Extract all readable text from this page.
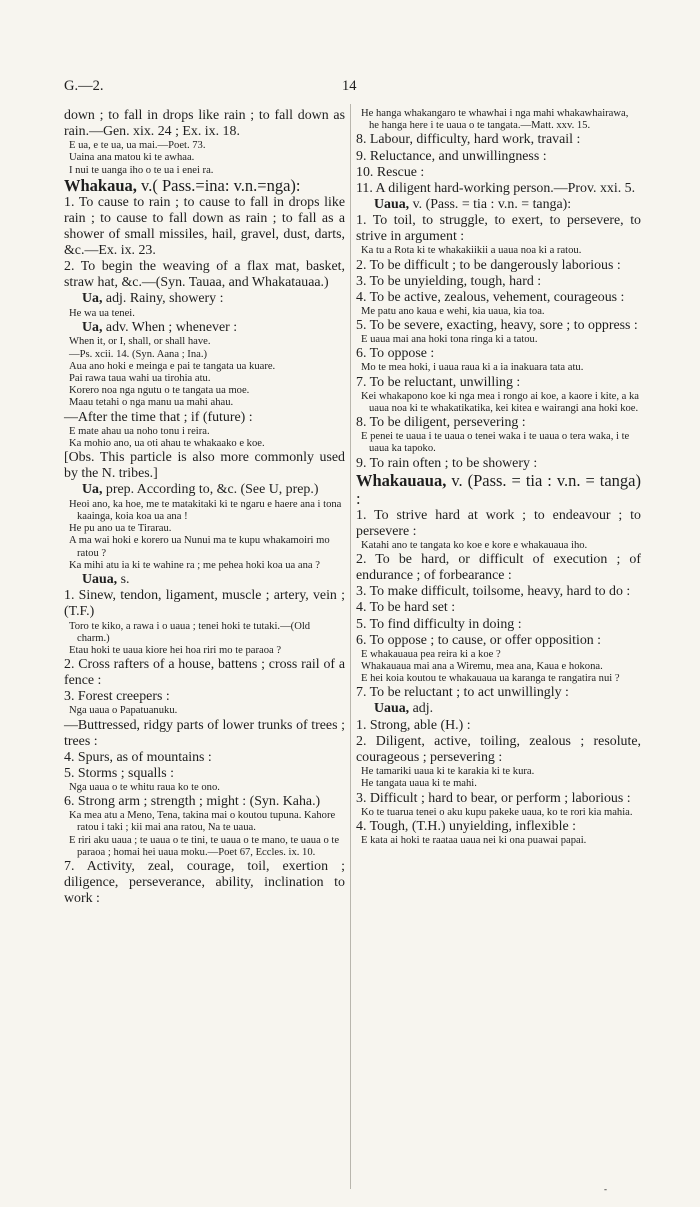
G.—2.	14
down ; to fall in drops like rain ; to fall down as rain.—Gen. xix. 24 ; Ex. ix. 18.
E ua, e te ua, ua mai.—Poet. 73.
Uaina ana matou ki te awhaa.
I nui te uanga iho o te ua i enei ra.
Whakaua, v.( Pass.=ina: v.n.=nga):
1. To cause to rain ; to cause to fall in drops like rain ; to cause to fall down as rain ; to fall as a shower of small missiles, hail, gravel, dust, darts, &c.—Ex. ix. 23.
2. To begin the weaving of a flax mat, basket, straw hat, &c.—(Syn. Tauaa, and Whakatauaa.)
Ua, adj. Rainy, showery :
He wa ua tenei.
Ua, adv. When ; whenever :
When it, or I, shall, or shall have.
—Ps. xcii. 14. (Syn. Aana ; Ina.)
Aua ano hoki e meinga e pai te tangata ua kuare.
Pai rawa taua wahi ua tirohia atu.
Korero noa nga ngutu o te tangata ua moe.
Maau tetahi o nga manu ua mahi ahau.
—After the time that ; if (future) :
E mate ahau ua noho tonu i reira.
Ka mohio ano, ua oti ahau te whakaako e koe.
[Obs. This particle is also more commonly used by the N. tribes.]
Ua, prep. According to, &c. (See U, prep.)
Heoi ano, ka hoe, me te matakitaki ki te ngaru e haere ana i tona kaainga, koia koa ua ana !
He pu ano ua te Tirarau.
A ma wai hoki e korero ua Nunui ma te kupu whakamoiri mo ratou ?
Ka mihi atu ia ki te wahine ra ; me pehea hoki koa ua ana ?
Uaua, s.
1. Sinew, tendon, ligament, muscle ; artery, vein ; (T.F.)
Toro te kiko, a rawa i o uaua ; tenei hoki te tutaki.—(Old charm.)
Etau hoki te uaua kiore hei hoa riri mo te paraoa ?
2. Cross rafters of a house, battens ; cross rail of a fence :
3. Forest creepers :
Nga uaua o Papatuanuku.
—Buttressed, ridgy parts of lower trunks of trees ; trees :
4. Spurs, as of mountains :
5. Storms ; squalls :
Nga uaua o te whitu raua ko te ono.
6. Strong arm ; strength ; might : (Syn. Kaha.)
Ka mea atu a Meno, Tena, takina mai o koutou tupuna. Kahore ratou i taki ; kii mai ana ratou, Na te uaua.
E riri aku uaua ; te uaua o te tini, te uaua o te mano, te uaua o te paraoa ; homai hei uaua moku.—Poet 67, Eccles. ix. 10.
7. Activity, zeal, courage, toil, exertion ; diligence, perseverance, ability, inclination to work :
He hanga whakangaro te whawhai i nga mahi whakawhairawa, he hanga here i te uaua o te tangata.—Matt. xxv. 15.
8. Labour, difficulty, hard work, travail :
9. Reluctance, and unwillingness :
10. Rescue :
11. A diligent hard-working person.—Prov. xxi. 5.
Uaua, v. (Pass. = tia : v.n. = tanga):
1. To toil, to struggle, to exert, to persevere, to strive in argument :
Ka tu a Rota ki te whakakiikii a uaua noa ki a ratou.
2. To be difficult ; to be dangerously laborious :
3. To be unyielding, tough, hard :
4. To be active, zealous, vehement, courageous :
Me patu ano kaua e wehi, kia uaua, kia toa.
5. To be severe, exacting, heavy, sore ; to oppress :
E uaua mai ana hoki tona ringa ki a tatou.
6. To oppose :
Mo te mea hoki, i uaua raua ki a ia inakuara tata atu.
7. To be reluctant, unwilling :
Kei whakapono koe ki nga mea i rongo ai koe, a kaore i kite, a ka uaua noa ki te whakatikatika, kei kitea e wairangi ana hoki koe.
8. To be diligent, persevering :
E penei te uaua i te uaua o tenei waka i te uaua o tera waka, i te uaua ka tapoko.
9. To rain often ; to be showery :
Whakauaua, v. (Pass. = tia : v.n. = tanga) :
1. To strive hard at work ; to endeavour ; to persevere :
Katahi ano te tangata ko koe e kore e whakauaua iho.
2. To be hard, or difficult of execution ; of endurance ; of forbearance :
3. To make difficult, toilsome, heavy, hard to do :
4. To be hard set :
5. To find difficulty in doing :
6. To oppose ; to cause, or offer opposition :
E whakauaua pea reira ki a koe ?
Whakauaua mai ana a Wiremu, mea ana, Kaua e hokona.
E hei koia koutou te whakauaua ua karanga te rangatira nui ?
7. To be reluctant ; to act unwillingly :
Uaua, adj.
1. Strong, able (H.) :
2. Diligent, active, toiling, zealous ; resolute, courageous ; persevering :
He tamariki uaua ki te karakia ki te kura.
He tangata uaua ki te mahi.
3. Difficult ; hard to bear, or perform ; laborious :
Ko te tuarua tenei o aku kupu pakeke uaua, ko te rori kia mahia.
4. Tough, (T.H.) unyielding, inflexible :
E kata ai hoki te raataa uaua nei ki ona puawai papai.
-
